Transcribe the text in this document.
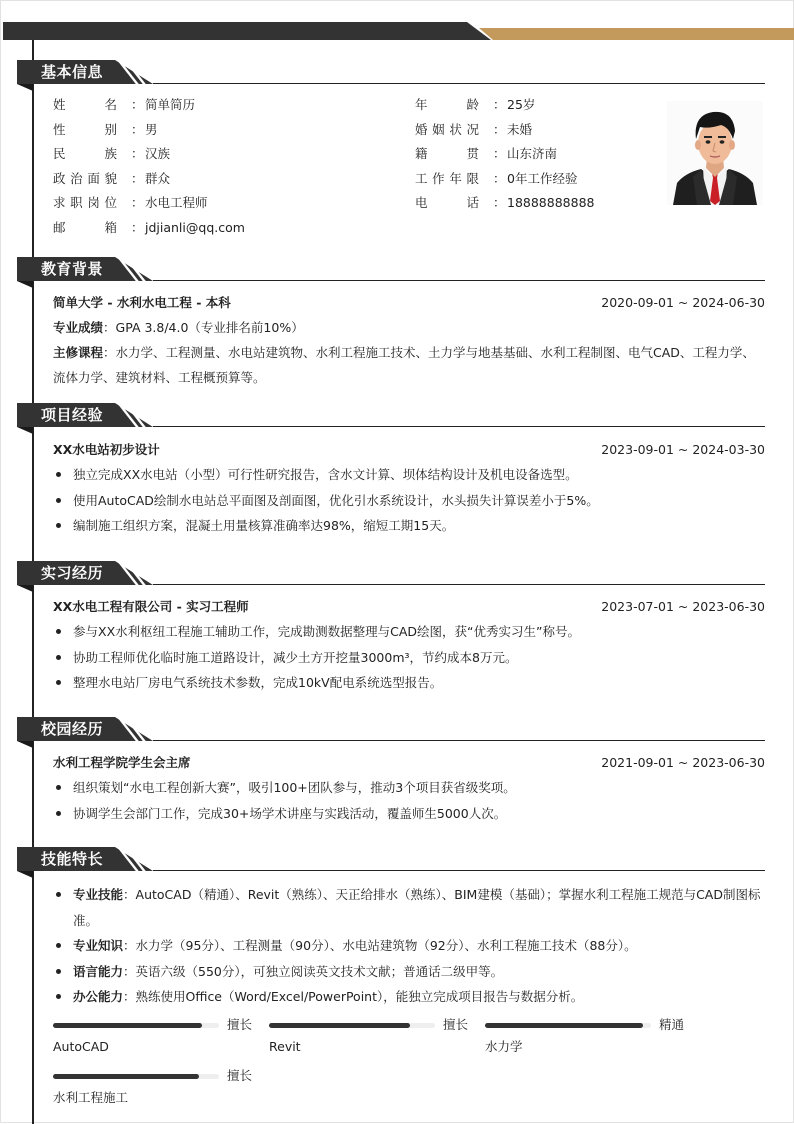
基本信息
姓	名 ：简单简历
性	别 ：男
民	族 ：汉族
政 治 面 貌 ：群众
求 职 岗 位 ：水电工程师
邮	箱 ：jdjianli@qq.com
年	龄 ：25岁
婚 姻 状 况 ：未婚
籍	贯 ：山东济南
工 作 年 限 ：0年工作经验
电	话 ：18888888888
教育背景
简单大学 - 水利水电工程 - 本科	2020-09-01 ~ 2024-06-30
专业成绩：GPA 3.8/4.0（专业排名前10%）
主修课程：水力学、工程测量、水电站建筑物、水利工程施工技术、土力学与地基基础、水利工程制图、电气CAD、工程力学、流体力学、建筑材料、工程概预算等。
项目经验
XX水电站初步设计	2023-09-01 ~ 2024-03-30
独立完成XX水电站（小型）可行性研究报告，含水文计算、坝体结构设计及机电设备选型。
使用AutoCAD绘制水电站总平面图及剖面图，优化引水系统设计，水头损失计算误差小于5%。
编制施工组织方案，混凝土用量核算准确率达98%，缩短工期15天。
实习经历
XX水电工程有限公司 - 实习工程师	2023-07-01 ~ 2023-06-30
参与XX水利枢纽工程施工辅助工作，完成勘测数据整理与CAD绘图，获“优秀实习生”称号。
协助工程师优化临时施工道路设计，减少土方开挖量3000m³，节约成本8万元。
整理水电站厂房电气系统技术参数，完成10kV配电系统选型报告。
校园经历
水利工程学院学生会主席	2021-09-01 ~ 2023-06-30
组织策划“水电工程创新大赛”，吸引100+团队参与，推动3个项目获省级奖项。
协调学生会部门工作，完成30+场学术讲座与实践活动，覆盖师生5000人次。
技能特长
专业技能：AutoCAD（精通）、Revit（熟练）、天正给排水（熟练）、BIM建模（基础）；掌握水利工程施工规范与CAD制图标准。
专业知识：水力学（95分）、工程测量（90分）、水电站建筑物（92分）、水利工程施工技术（88分）。
语言能力：英语六级（550分），可独立阅读英文技术文献；普通话二级甲等。
办公能力：熟练使用Office（Word/Excel/PowerPoint），能独立完成项目报告与数据分析。
擅长
AutoCAD
擅长
Revit
精通
水力学
擅长
水利工程施工
